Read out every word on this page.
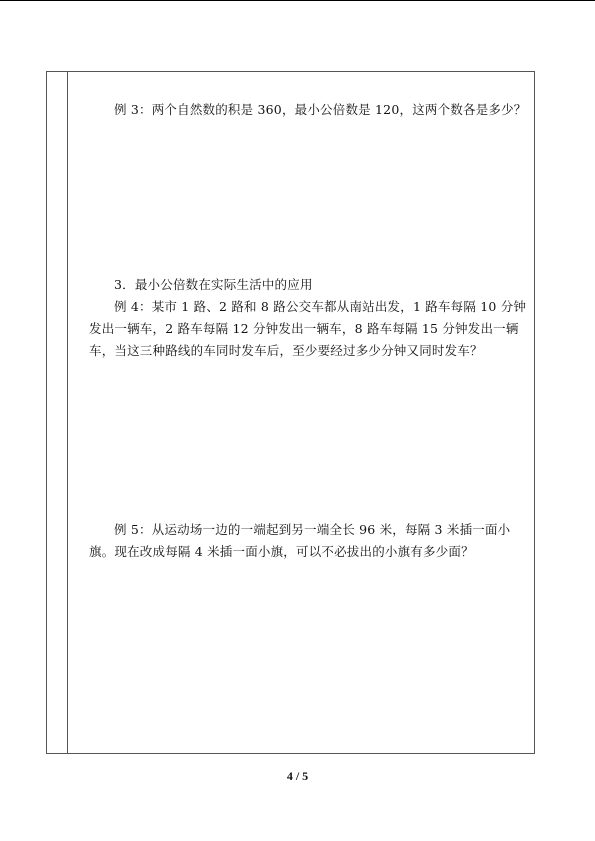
例 3：两个自然数的积是 360，最小公倍数是 120，这两个数各是多少？
3．最小公倍数在实际生活中的应用
例 4：某市 1 路、2 路和 8 路公交车都从南站出发，1 路车每隔 10 分钟发出一辆车，2 路车每隔 12 分钟发出一辆车，8 路车每隔 15 分钟发出一辆车，当这三种路线的车同时发车后，至少要经过多少分钟又同时发车？
例 5：从运动场一边的一端起到另一端全长 96 米，每隔 3 米插一面小旗。现在改成每隔 4 米插一面小旗，可以不必拔出的小旗有多少面？
4 / 5
